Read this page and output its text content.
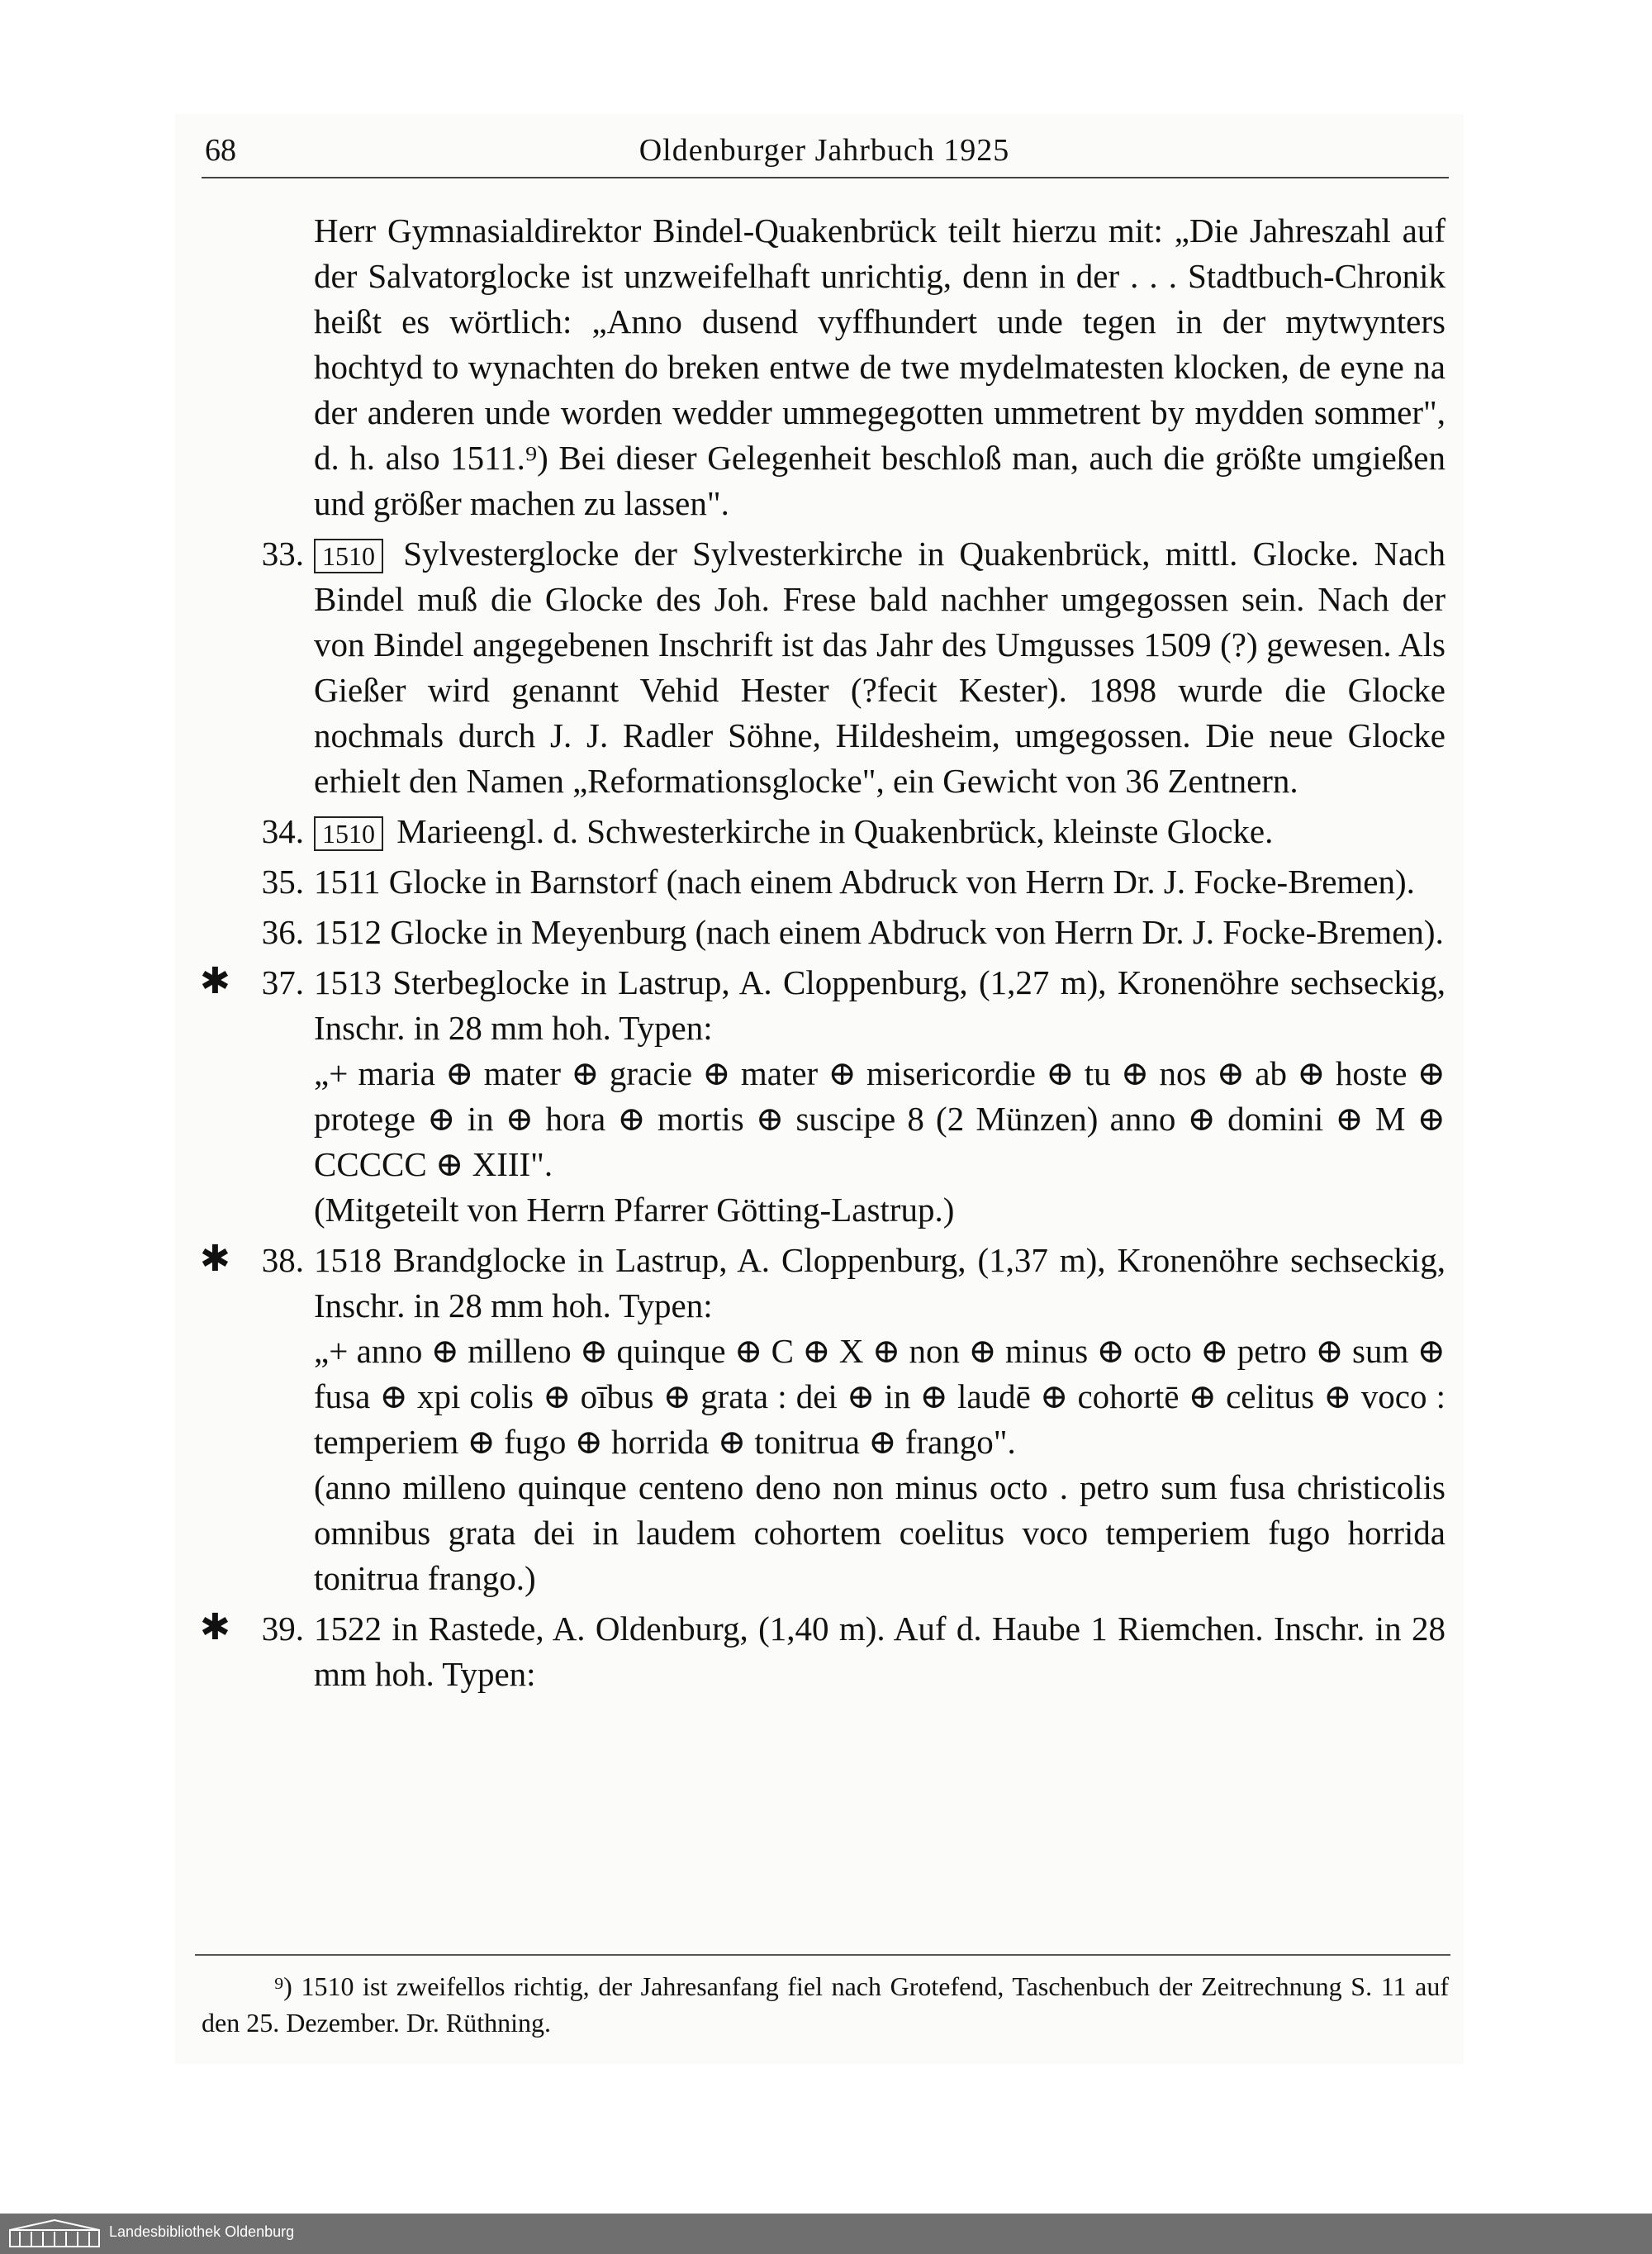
68	Oldenburger Jahrbuch 1925

Herr Gymnasialdirektor Bindel-Quakenbrück teilt hierzu mit: „Die Jahreszahl auf der Salvatorglocke ist unzweifelhaft unrichtig, denn in der . . . Stadtbuch-Chronik heißt es wörtlich: „Anno dusend vyffhundert unde tegen in der mytwynters hochtyd to wynachten do breken entwe de twe mydelmatesten klocken, de eyne na der anderen unde worden wedder ummegegotten ummetrent by mydden sommer", d. h. also 1511.⁹) Bei dieser Gelegenheit beschloß man, auch die größte umgießen und größer machen zu lassen".

33. 1510 Sylvesterglocke der Sylvesterkirche in Quakenbrück, mittl. Glocke. Nach Bindel muß die Glocke des Joh. Frese bald nachher umgegossen sein. Nach der von Bindel angegebenen Inschrift ist das Jahr des Umgusses 1509 (?) gewesen. Als Gießer wird genannt Vehid Hester (?fecit Kester). 1898 wurde die Glocke nochmals durch J. J. Radler Söhne, Hildesheim, umgegossen. Die neue Glocke erhielt den Namen „Reformationsglocke", ein Gewicht von 36 Zentnern.
34. 1510 Marieengl. d. Schwesterkirche in Quakenbrück, kleinste Glocke.
35. 1511 Glocke in Barnstorf (nach einem Abdruck von Herrn Dr. J. Focke-Bremen).
36. 1512 Glocke in Meyenburg (nach einem Abdruck von Herrn Dr. J. Focke-Bremen).
✱ 37. 1513 Sterbeglocke in Lastrup, A. Cloppenburg, (1,27 m), Kronenöhre sechseckig, Inschr. in 28 mm hoh. Typen:

„+ maria ⊕ mater ⊕ gracie ⊕ mater ⊕ misericordie ⊕ tu ⊕ nos ⊕ ab ⊕ hoste ⊕ protege ⊕ in ⊕ hora ⊕ mortis ⊕ suscipe 8 (2 Münzen) anno ⊕ domini ⊕ M ⊕ CCCCC ⊕ XIII".

(Mitgeteilt von Herrn Pfarrer Götting-Lastrup.)

✱ 38. 1518 Brandglocke in Lastrup, A. Cloppenburg, (1,37 m), Kronenöhre sechseckig, Inschr. in 28 mm hoh. Typen:

„+ anno ⊕ milleno ⊕ quinque ⊕ C ⊕ X ⊕ non ⊕ minus ⊕ octo ⊕ petro ⊕ sum ⊕ fusa ⊕ xpi colis ⊕ oībus ⊕ grata : dei ⊕ in ⊕ laudē ⊕ cohortē ⊕ celitus ⊕ voco : temperiem ⊕ fugo ⊕ horrida ⊕ tonitrua ⊕ frango".

(anno milleno quinque centeno deno non minus octo . petro sum fusa christicolis omnibus grata dei in laudem cohortem coelitus voco temperiem fugo horrida tonitrua frango.)

✱ 39. 1522 in Rastede, A. Oldenburg, (1,40 m). Auf d. Haube 1 Riemchen. Inschr. in 28 mm hoh. Typen:
⁹) 1510 ist zweifellos richtig, der Jahresanfang fiel nach Grotefend, Taschenbuch der Zeitrechnung S. 11 auf den 25. Dezember. Dr. Rüthning.
Landesbibliothek Oldenburg
